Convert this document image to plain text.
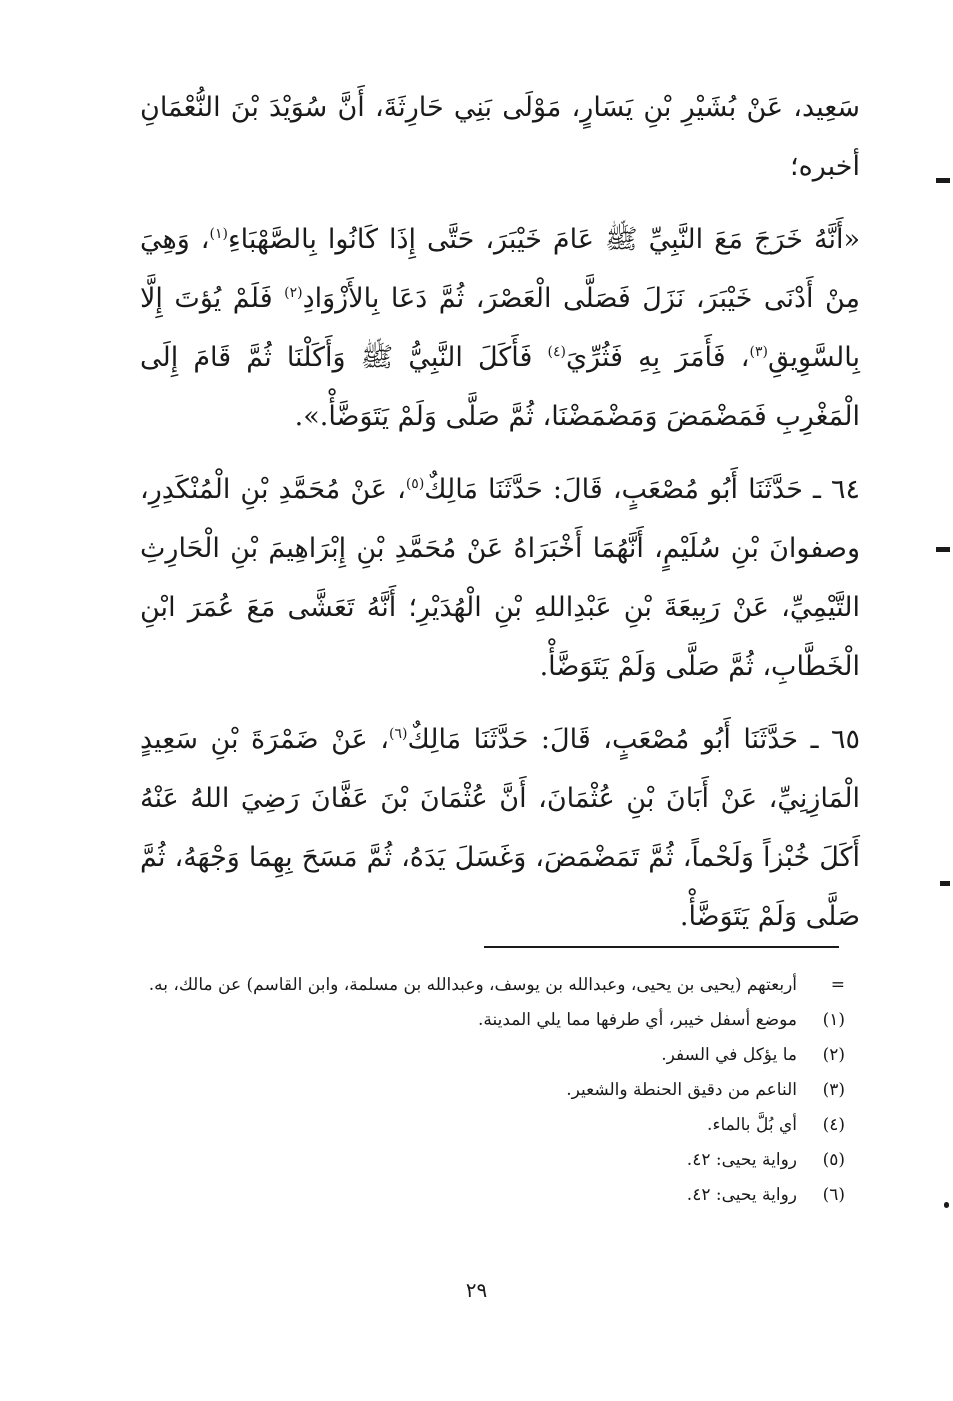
سَعِيد، عَنْ بُشَيْرِ بْنِ يَسَارٍ، مَوْلَى بَنِي حَارِثَةَ، أَنَّ سُوَيْدَ بْنَ النُّعْمَانِ أخبره؛

«أَنَّهُ خَرَجَ مَعَ النَّبِيِّ ﷺ عَامَ خَيْبَرَ، حَتَّى إِذَا كَانُوا بِالصَّهْبَاءِ$^{(١)}$، وَهِيَ مِنْ أَدْنَى خَيْبَرَ، نَزَلَ فَصَلَّى الْعَصْرَ، ثُمَّ دَعَا بِالأَزْوَادِ$^{(٢)}$ فَلَمْ يُؤتَ إِلَّا بِالسَّوِيقِ$^{(٣)}$، فَأَمَرَ بِهِ فَثُرِّيَ$^{(٤)}$ فَأَكَلَ النَّبِيُّ ﷺ وَأَكَلْنَا ثُمَّ قَامَ إِلَى الْمَغْرِبِ فَمَضْمَضَ وَمَضْمَضْنَا، ثُمَّ صَلَّى وَلَمْ يَتَوَضَّأْ.».

٦٤ ـ حَدَّثَنَا أَبُو مُصْعَبٍ، قَالَ: حَدَّثَنَا مَالِكٌ$^{(٥)}$، عَنْ مُحَمَّدِ بْنِ الْمُنْكَدِرِ، وصفوانَ بْنِ سُلَيْمٍ، أَنَّهُمَا أَخْبَرَاهُ عَنْ مُحَمَّدِ بْنِ إِبْرَاهِيمَ بْنِ الْحَارِثِ التَّيْمِيِّ، عَنْ رَبِيعَةَ بْنِ عَبْدِاللهِ بْنِ الْهُدَيْرِ؛ أَنَّهُ تَعَشَّى مَعَ عُمَرَ ابْنِ الْخَطَّابِ، ثُمَّ صَلَّى وَلَمْ يَتَوَضَّأْ.

٦٥ ـ حَدَّثَنَا أَبُو مُصْعَبٍ، قَالَ: حَدَّثَنَا مَالِكٌ$^{(٦)}$، عَنْ ضَمْرَةَ بْنِ سَعِيدٍ الْمَازِنِيِّ، عَنْ أَبَانَ بْنِ عُثْمَانَ، أَنَّ عُثْمَانَ بْنَ عَفَّانَ رَضِيَ اللهُ عَنْهُ أَكَلَ خُبْزاً وَلَحْماً، ثُمَّ تَمَضْمَضَ، وَغَسَلَ يَدَهُ، ثُمَّ مَسَحَ بِهِمَا وَجْهَهُ، ثُمَّ صَلَّى وَلَمْ يَتَوَضَّأْ.

=أربعتهم (يحيى بن يحيى، وعبدالله بن يوسف، وعبدالله بن مسلمة، وابن القاسم) عن مالك، به.
(١)موضع أسفل خيبر، أي طرفها مما يلي المدينة.
(٢)ما يؤكل في السفر.
(٣)الناعم من دقيق الحنطة والشعير.
(٤)أي بُلَّ بالماء.
(٥)رواية يحيى: ٤٢.
(٦)رواية يحيى: ٤٢.
٢٩
